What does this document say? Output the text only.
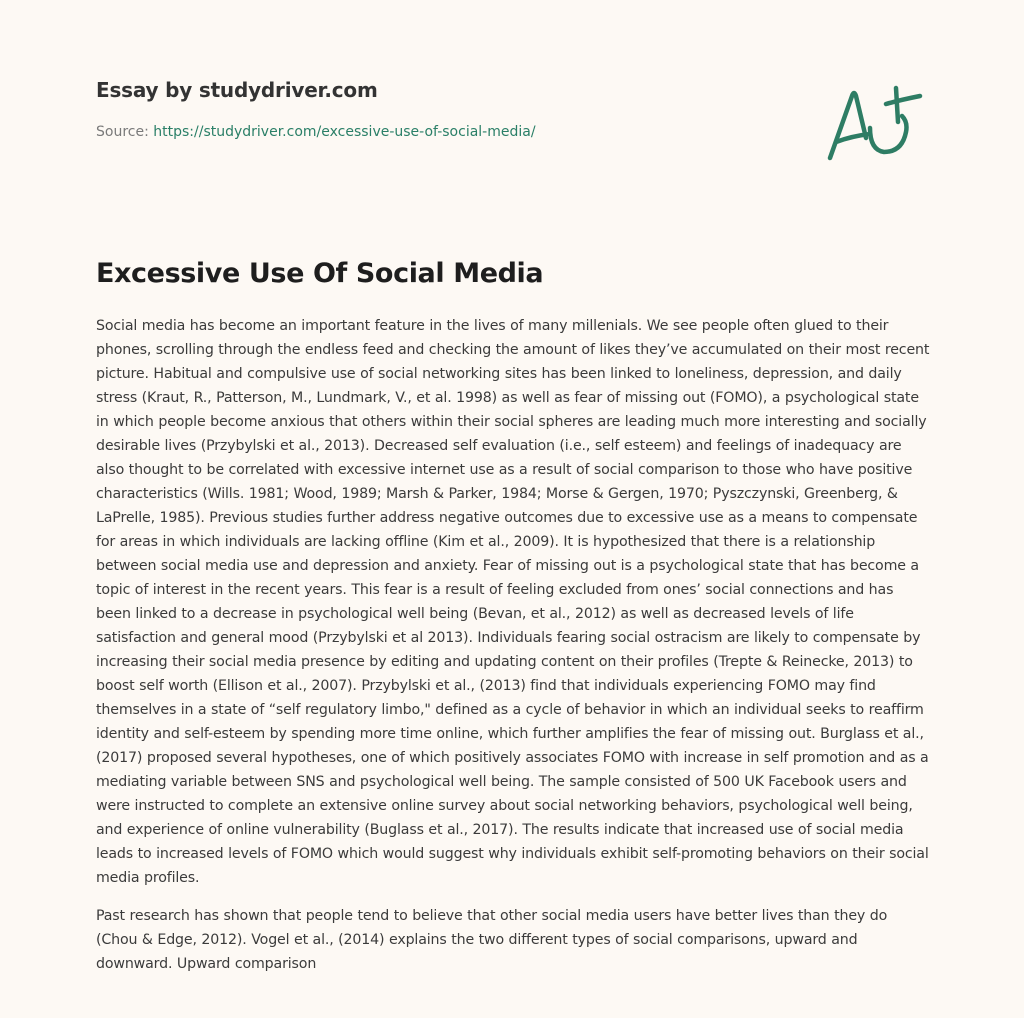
Essay by studydriver.com
Source: https://studydriver.com/excessive-use-of-social-media/
Excessive Use Of Social Media

Social media has become an important feature in the lives of many millenials. We see people often glued to their phones, scrolling through the endless feed and checking the amount of likes they’ve accumulated on their most recent picture. Habitual and compulsive use of social networking sites has been linked to loneliness, depression, and daily stress (Kraut, R., Patterson, M., Lundmark, V., et al. 1998) as well as fear of missing out (FOMO), a psychological state in which people become anxious that others within their social spheres are leading much more interesting and socially desirable lives (Przybylski et al., 2013). Decreased self evaluation (i.e., self esteem) and feelings of inadequacy are also thought to be correlated with excessive internet use as a result of social comparison to those who have positive characteristics (Wills. 1981; Wood, 1989; Marsh & Parker, 1984; Morse & Gergen, 1970; Pyszczynski, Greenberg, & LaPrelle, 1985). Previous studies further address negative outcomes due to excessive use as a means to compensate for areas in which individuals are lacking offline (Kim et al., 2009). It is hypothesized that there is a relationship between social media use and depression and anxiety. Fear of missing out is a psychological state that has become a topic of interest in the recent years. This fear is a result of feeling excluded from ones’ social connections and has been linked to a decrease in psychological well being (Bevan, et al., 2012) as well as decreased levels of life satisfaction and general mood (Przybylski et al 2013). Individuals fearing social ostracism are likely to compensate by increasing their social media presence by editing and updating content on their profiles (Trepte & Reinecke, 2013) to boost self worth (Ellison et al., 2007). Przybylski et al., (2013) find that individuals experiencing FOMO may find themselves in a state of “self regulatory limbo," defined as a cycle of behavior in which an individual seeks to reaffirm identity and self-esteem by spending more time online, which further amplifies the fear of missing out. Burglass et al., (2017) proposed several hypotheses, one of which positively associates FOMO with increase in self promotion and as a mediating variable between SNS and psychological well being. The sample consisted of 500 UK Facebook users and were instructed to complete an extensive online survey about social networking behaviors, psychological well being, and experience of online vulnerability (Buglass et al., 2017). The results indicate that increased use of social media leads to increased levels of FOMO which would suggest why individuals exhibit self-promoting behaviors on their social media profiles.

Past research has shown that people tend to believe that other social media users have better lives than they do (Chou & Edge, 2012). Vogel et al., (2014) explains the two different types of social comparisons, upward and downward. Upward comparison
